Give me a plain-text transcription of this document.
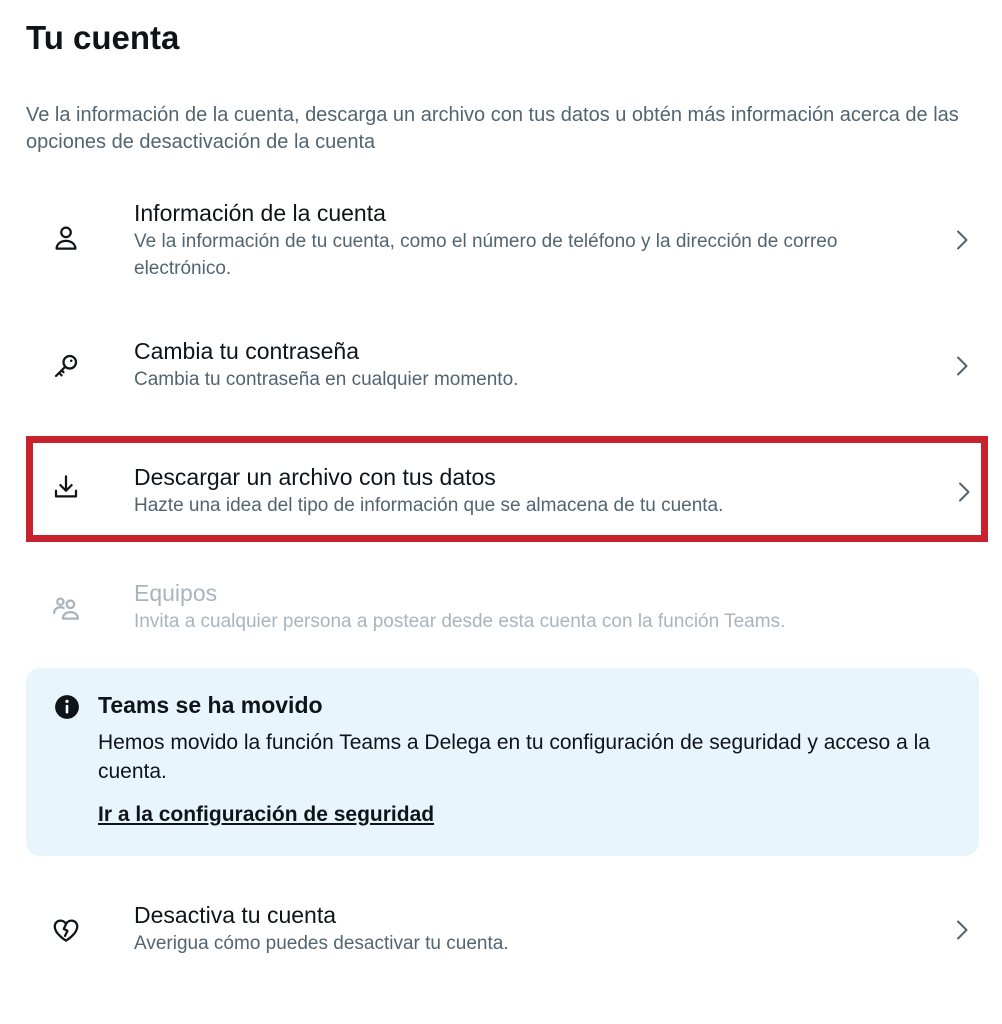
Tu cuenta

Ve la información de la cuenta, descarga un archivo con tus datos u obtén más información acerca de las opciones de desactivación de la cuenta

Información de la cuenta
Ve la información de tu cuenta, como el número de teléfono y la dirección de correo electrónico.
Cambia tu contraseña
Cambia tu contraseña en cualquier momento.
Descargar un archivo con tus datos
Hazte una idea del tipo de información que se almacena de tu cuenta.
Equipos
Invita a cualquier persona a postear desde esta cuenta con la función Teams.
Teams se ha movido
Hemos movido la función Teams a Delega en tu configuración de seguridad y acceso a la cuenta.
Ir a la configuración de seguridad
Desactiva tu cuenta
Averigua cómo puedes desactivar tu cuenta.
